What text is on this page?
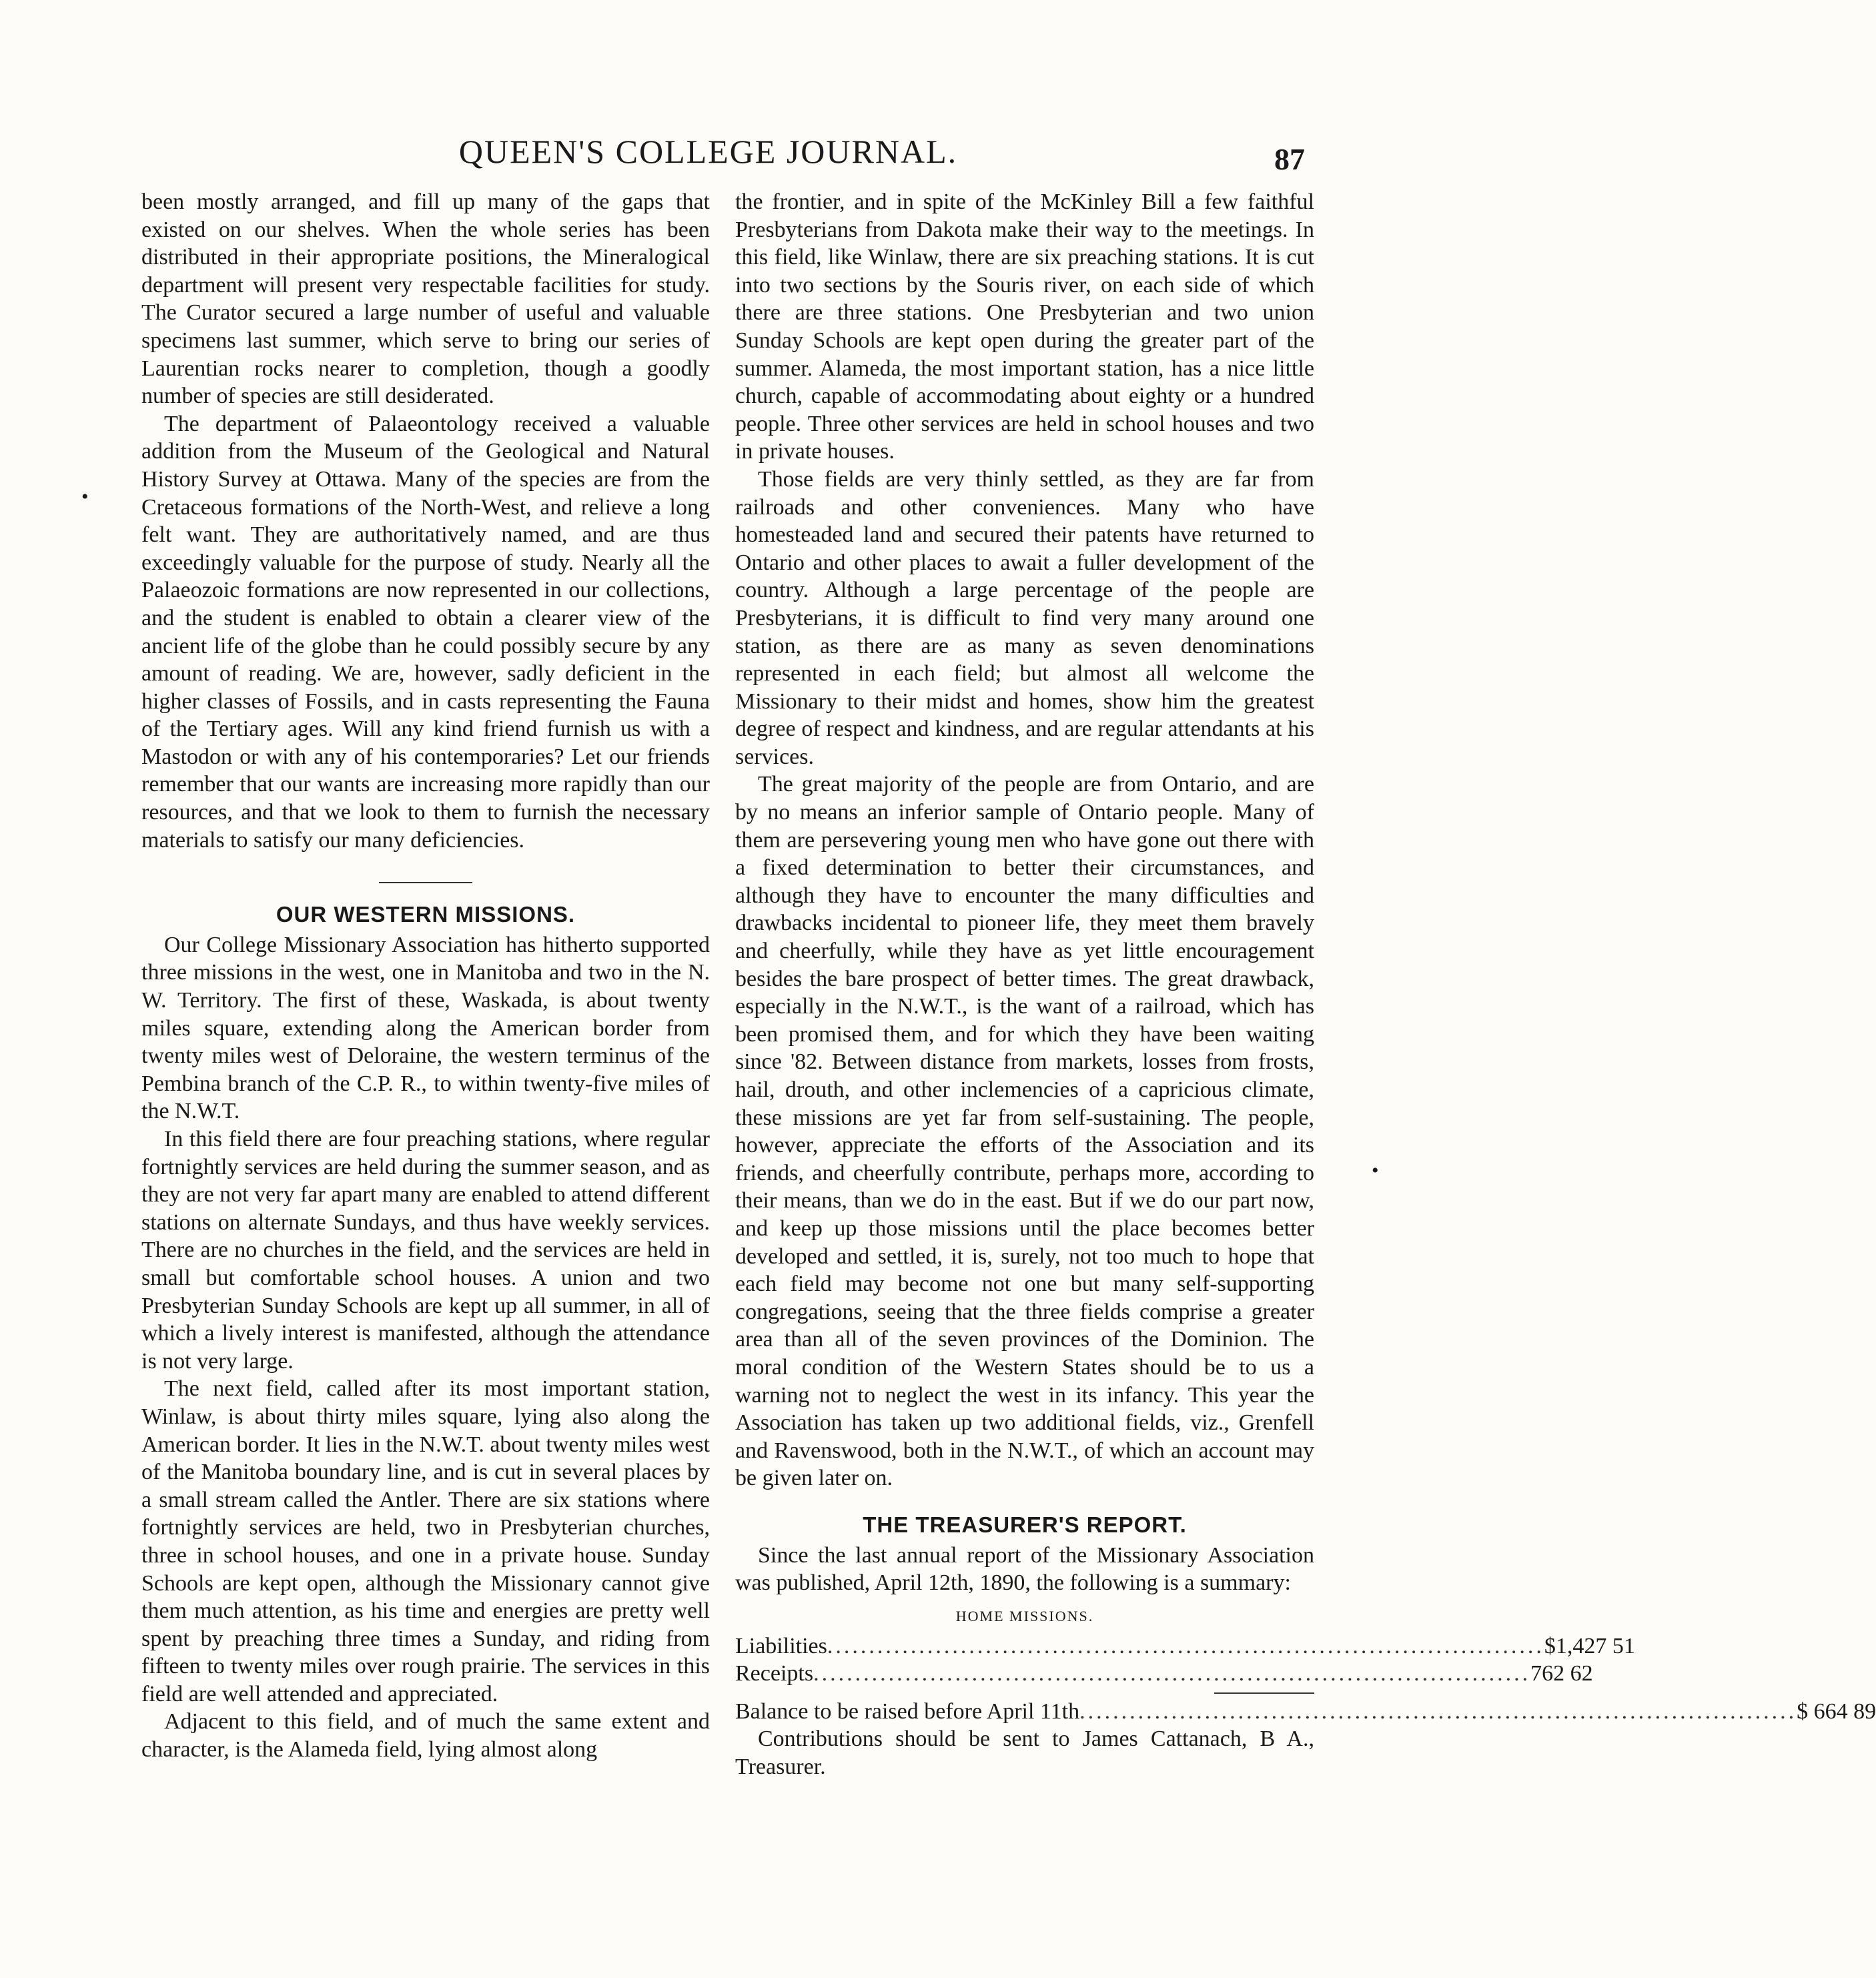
QUEEN'S COLLEGE JOURNAL.	87

been mostly arranged, and fill up many of the gaps that existed on our shelves. When the whole series has been distributed in their appropriate positions, the Mineralogical department will present very respectable facilities for study. The Curator secured a large number of useful and valuable specimens last summer, which serve to bring our series of Laurentian rocks nearer to completion, though a goodly number of species are still desiderated.

The department of Palaeontology received a valuable addition from the Museum of the Geological and Natural History Survey at Ottawa. Many of the species are from the Cretaceous formations of the North-West, and relieve a long felt want. They are authoritatively named, and are thus exceedingly valuable for the purpose of study. Nearly all the Palaeozoic formations are now represented in our collections, and the student is enabled to obtain a clearer view of the ancient life of the globe than he could possibly secure by any amount of reading. We are, however, sadly deficient in the higher classes of Fossils, and in casts representing the Fauna of the Tertiary ages. Will any kind friend furnish us with a Mastodon or with any of his contemporaries? Let our friends remember that our wants are increasing more rapidly than our resources, and that we look to them to furnish the necessary materials to satisfy our many deficiencies.

OUR WESTERN MISSIONS.

Our College Missionary Association has hitherto supported three missions in the west, one in Manitoba and two in the N. W. Territory. The first of these, Waskada, is about twenty miles square, extending along the American border from twenty miles west of Deloraine, the western terminus of the Pembina branch of the C.P. R., to within twenty-five miles of the N.W.T.

In this field there are four preaching stations, where regular fortnightly services are held during the summer season, and as they are not very far apart many are enabled to attend different stations on alternate Sundays, and thus have weekly services. There are no churches in the field, and the services are held in small but comfortable school houses. A union and two Presbyterian Sunday Schools are kept up all summer, in all of which a lively interest is manifested, although the attendance is not very large.

The next field, called after its most important station, Winlaw, is about thirty miles square, lying also along the American border. It lies in the N.W.T. about twenty miles west of the Manitoba boundary line, and is cut in several places by a small stream called the Antler. There are six stations where fortnightly services are held, two in Presbyterian churches, three in school houses, and one in a private house. Sunday Schools are kept open, although the Missionary cannot give them much attention, as his time and energies are pretty well spent by preaching three times a Sunday, and riding from fifteen to twenty miles over rough prairie. The services in this field are well attended and appreciated.

Adjacent to this field, and of much the same extent and character, is the Alameda field, lying almost along

the frontier, and in spite of the McKinley Bill a few faithful Presbyterians from Dakota make their way to the meetings. In this field, like Winlaw, there are six preaching stations. It is cut into two sections by the Souris river, on each side of which there are three stations. One Presbyterian and two union Sunday Schools are kept open during the greater part of the summer. Alameda, the most important station, has a nice little church, capable of accommodating about eighty or a hundred people. Three other services are held in school houses and two in private houses.

Those fields are very thinly settled, as they are far from railroads and other conveniences. Many who have homesteaded land and secured their patents have returned to Ontario and other places to await a fuller development of the country. Although a large percentage of the people are Presbyterians, it is difficult to find very many around one station, as there are as many as seven denominations represented in each field; but almost all welcome the Missionary to their midst and homes, show him the greatest degree of respect and kindness, and are regular attendants at his services.

The great majority of the people are from Ontario, and are by no means an inferior sample of Ontario people. Many of them are persevering young men who have gone out there with a fixed determination to better their circumstances, and although they have to encounter the many difficulties and drawbacks incidental to pioneer life, they meet them bravely and cheerfully, while they have as yet little encouragement besides the bare prospect of better times. The great drawback, especially in the N.W.T., is the want of a railroad, which has been promised them, and for which they have been waiting since '82. Between distance from markets, losses from frosts, hail, drouth, and other inclemencies of a capricious climate, these missions are yet far from self-sustaining. The people, however, appreciate the efforts of the Association and its friends, and cheerfully contribute, perhaps more, according to their means, than we do in the east. But if we do our part now, and keep up those missions until the place becomes better developed and settled, it is, surely, not too much to hope that each field may become not one but many self-supporting congregations, seeing that the three fields comprise a greater area than all of the seven provinces of the Dominion. The moral condition of the Western States should be to us a warning not to neglect the west in its infancy. This year the Association has taken up two additional fields, viz., Grenfell and Ravenswood, both in the N.W.T., of which an account may be given later on.

THE TREASURER'S REPORT.

Since the last annual report of the Missionary Association was published, April 12th, 1890, the following is a summary:

HOME MISSIONS.
Liabilities ...................................................................................... $1,427 51
Receipts ...................................................................................... 762 62
Balance to be raised before April 11th ...................................................................................... $ 664 89

Contributions should be sent to James Cattanach, B A., Treasurer.

•
•
